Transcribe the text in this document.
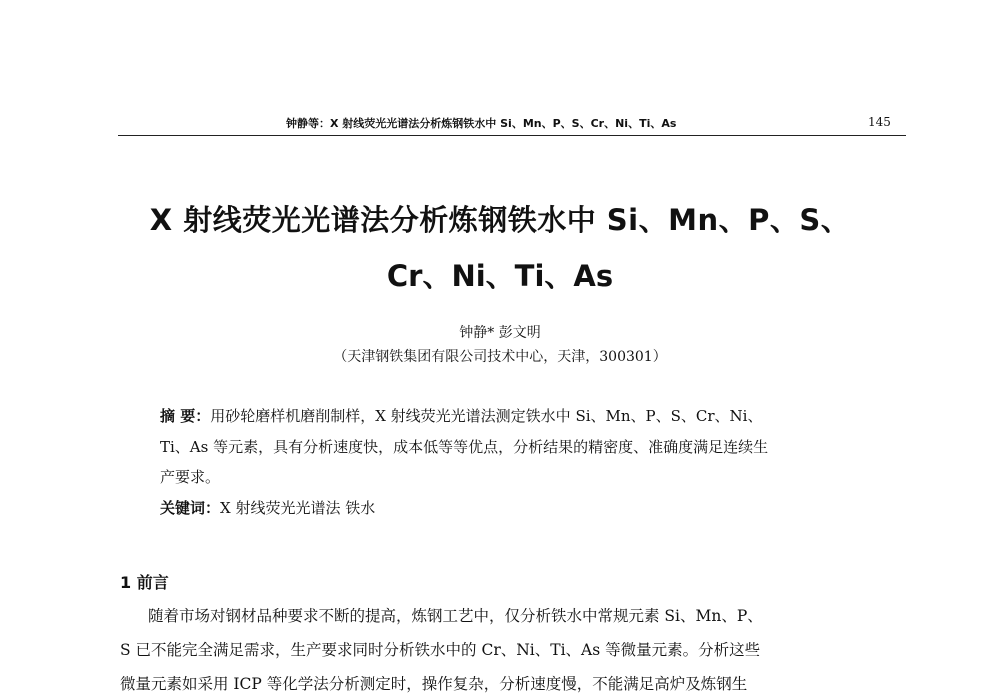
钟静等：X 射线荧光光谱法分析炼钢铁水中 Si、Mn、P、S、Cr、Ni、Ti、As	145
X 射线荧光光谱法分析炼钢铁水中 Si、Mn、P、S、
Cr、Ni、Ti、As
钟静* 彭文明
（天津钢铁集团有限公司技术中心，天津，300301）
摘 要：用砂轮磨样机磨削制样，X 射线荧光光谱法测定铁水中 Si、Mn、P、S、Cr、Ni、
Ti、As 等元素，具有分析速度快，成本低等等优点，分析结果的精密度、准确度满足连续生
产要求。
关键词：X 射线荧光光谱法 铁水
1 前言
随着市场对钢材品种要求不断的提高，炼钢工艺中，仅分析铁水中常规元素 Si、Mn、P、
S 已不能完全满足需求，生产要求同时分析铁水中的 Cr、Ni、Ti、As 等微量元素。分析这些
微量元素如采用 ICP 等化学法分析测定时，操作复杂，分析速度慢，不能满足高炉及炼钢生
